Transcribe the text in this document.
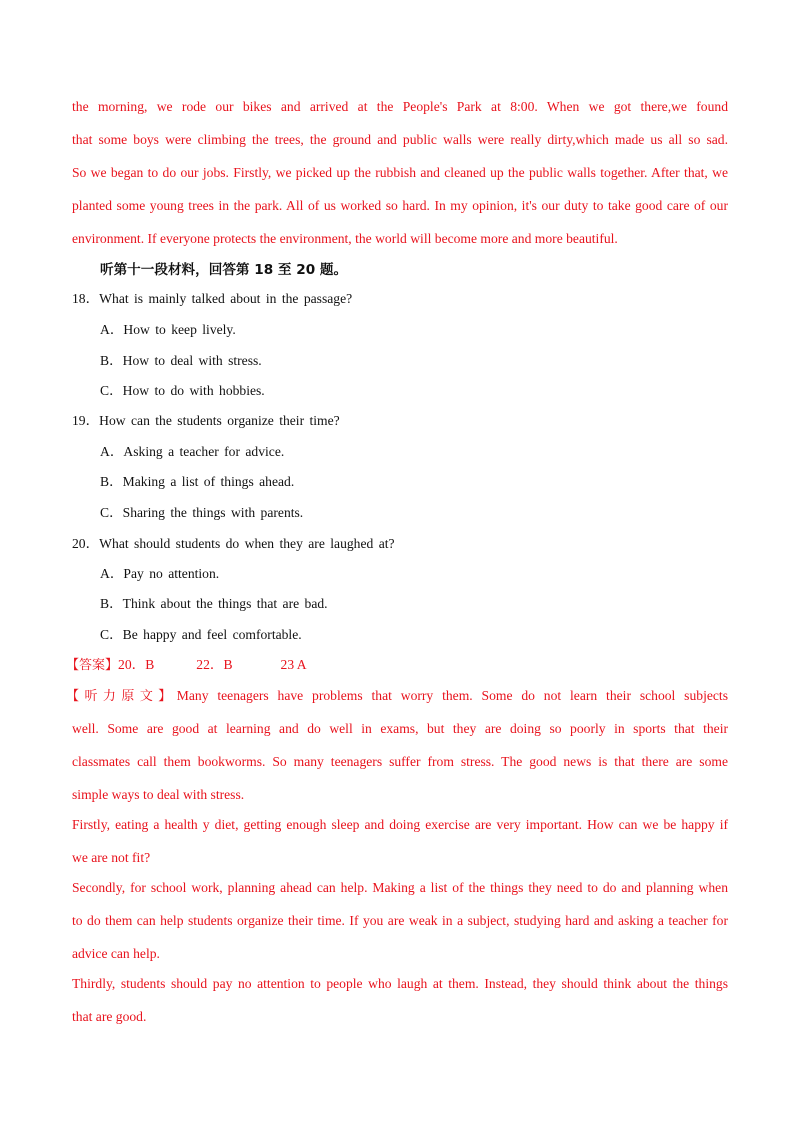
the morning, we rode our bikes and arrived at the People's Park at 8:00. When we got there,we found
that some boys were climbing the trees, the ground and public walls were really dirty,which made us all so sad.
So we began to do our jobs. Firstly, we picked up the rubbish and cleaned up the public walls together. After that, we
planted some young trees in the park. All of us worked so hard. In my opinion, it's our duty to take good care of our
environment. If everyone protects the environment, the world will become more and more beautiful.
听第十一段材料，回答第 18 至 20 题。
18．What is mainly talked about in the passage?
A．How to keep lively.
B．How to deal with stress.
C．How to do with hobbies.
19．How can the students organize their time?
A．Asking a teacher for advice.
B．Making a list of things ahead.
C．Sharing the things with parents.
20．What should students do when they are laughed at?
A．Pay no attention.
B．Think about the things that are bad.
C．Be happy and feel comfortable.
【答案】20．B	22．B	23 A
【听力原文】Many teenagers have problems that worry them. Some do not learn their school subjects
well. Some are good at learning and do well in exams, but they are doing so poorly in sports that their
classmates call them bookworms. So many teenagers suffer from stress. The good news is that there are some
simple ways to deal with stress.
Firstly, eating a health y diet, getting enough sleep and doing exercise are very important. How can we be happy if
we are not fit?
Secondly, for school work, planning ahead can help. Making a list of the things they need to do and planning when
to do them can help students organize their time. If you are weak in a subject, studying hard and asking a teacher for
advice can help.
Thirdly, students should pay no attention to people who laugh at them. Instead, they should think about the things
that are good.
